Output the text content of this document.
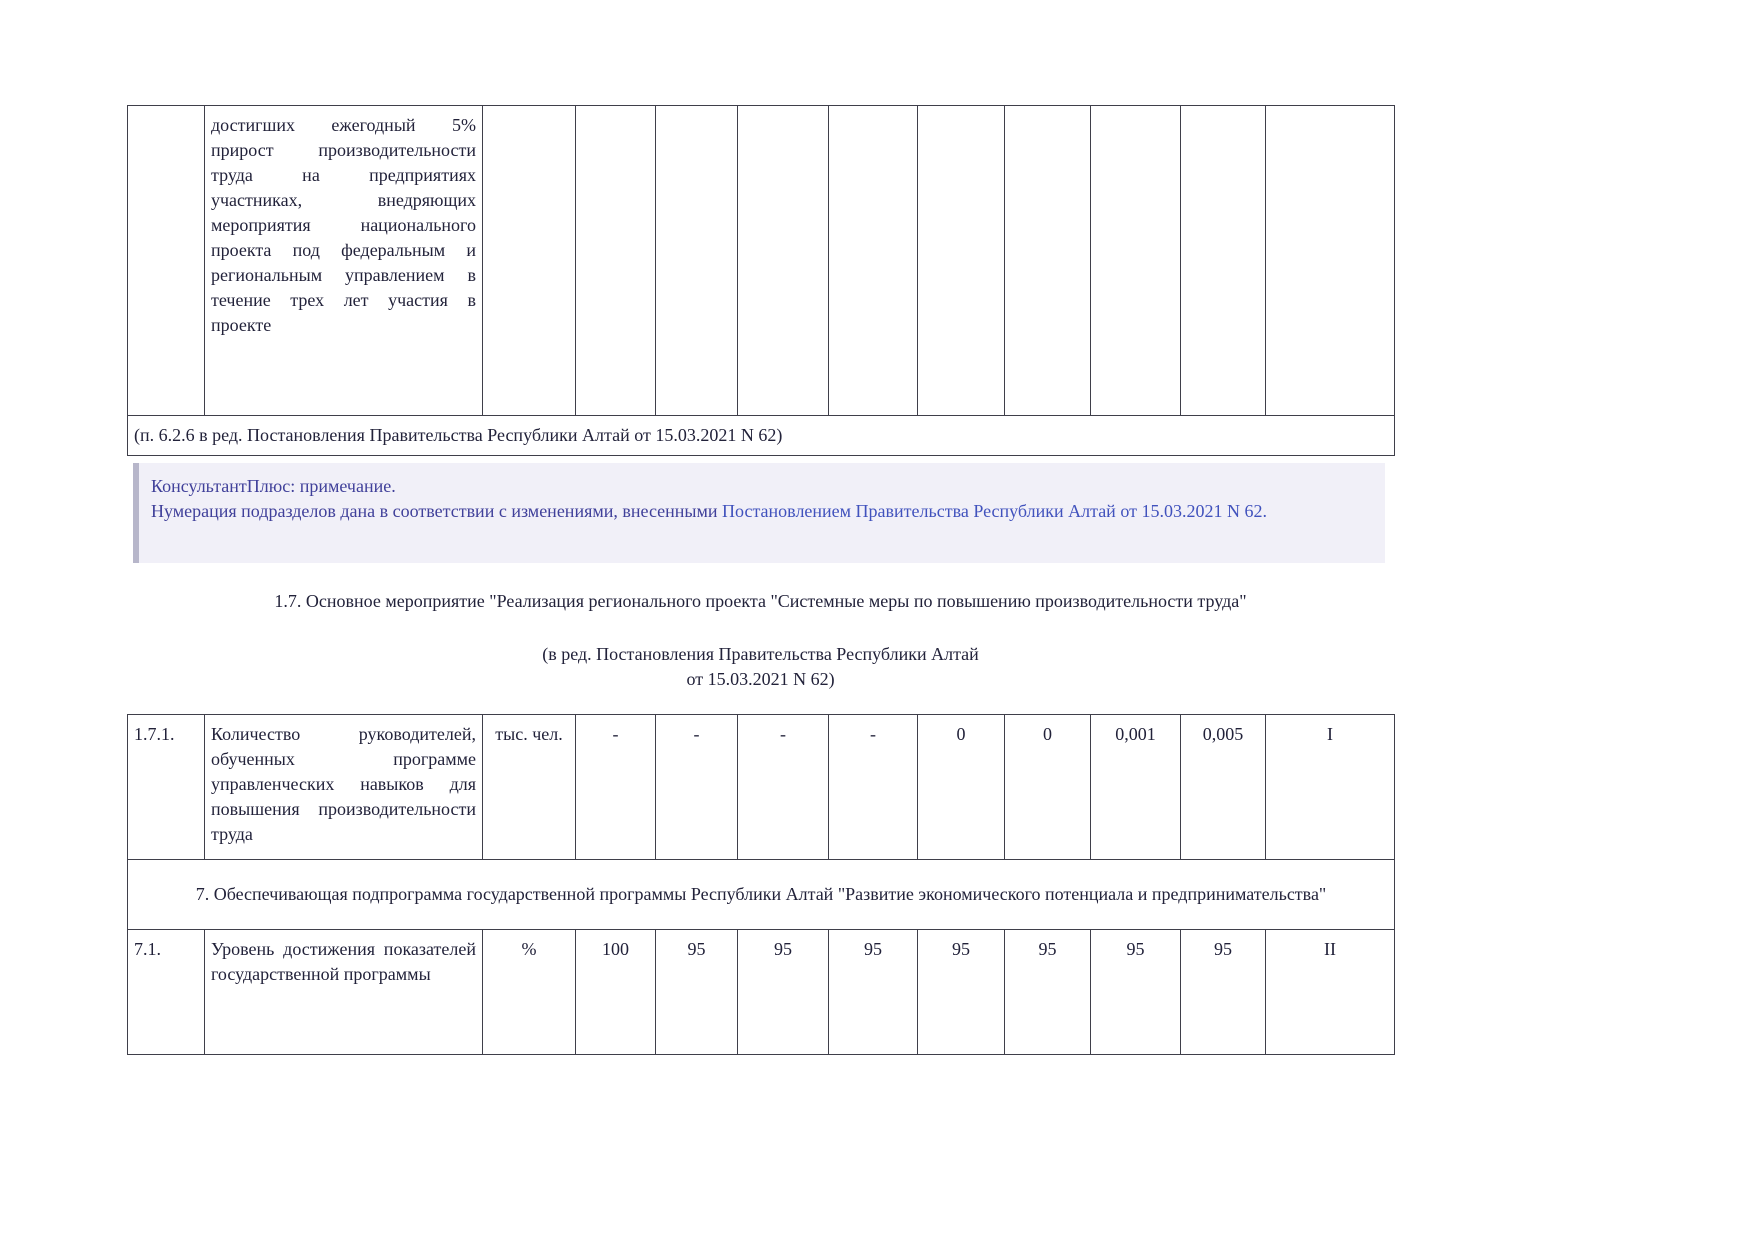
	достигших ежегодный 5% прирост производительности труда на предприятиях участниках, внедряющих мероприятия национального проекта под федеральным и региональным управлением в течение трех лет участия в проекте										
(п. 6.2.6 в ред. Постановления Правительства Республики Алтай от 15.03.2021 N 62)
КонсультантПлюс: примечание.
Нумерация подразделов дана в соответствии с изменениями, внесенными Постановлением Правительства Республики Алтай от 15.03.2021 N 62.
1.7. Основное мероприятие "Реализация регионального проекта "Системные меры по повышению производительности труда"
(в ред. Постановления Правительства Республики Алтай
от 15.03.2021 N 62)
1.7.1.	Количество руководителей, обученных программе управленческих навыков для повышения производительности труда	тыс. чел.	-	-	-	-	0	0	0,001	0,005	I
7. Обеспечивающая подпрограмма государственной программы Республики Алтай "Развитие экономического потенциала и предпринимательства"											
7.1.	Уровень достижения показателей государственной программы	%	100	95	95	95	95	95	95	95	II
